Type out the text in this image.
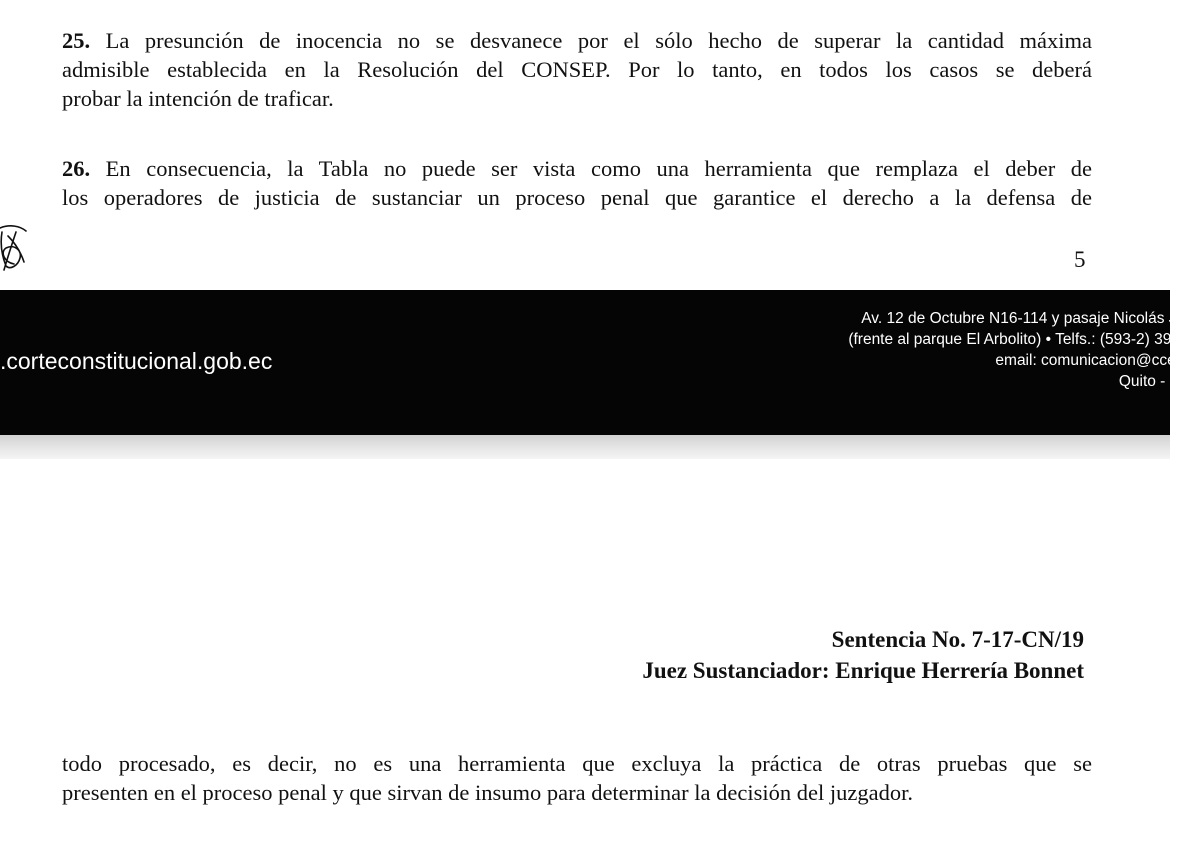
25. La presunción de inocencia no se desvanece por el sólo hecho de superar la cantidad máxima
admisible establecida en la Resolución del CONSEP. Por lo tanto, en todos los casos se deberá
probar la intención de traficar.

26. En consecuencia, la Tabla no puede ser vista como una herramienta que remplaza el deber de
los operadores de justicia de sustanciar un proceso penal que garantice el derecho a la defensa de

5

.corteconstitucional.gob.ec
Av. 12 de Octubre N16-114 y pasaje Nicolás Ji
(frente al parque El Arbolito) • Telfs.: (593-2) 394
email: comunicacion@cce.
Quito - E
Sentencia No. 7-17-CN/19
Juez Sustanciador: Enrique Herrería Bonnet

todo procesado, es decir, no es una herramienta que excluya la práctica de otras pruebas que se
presenten en el proceso penal y que sirvan de insumo para determinar la decisión del juzgador.
